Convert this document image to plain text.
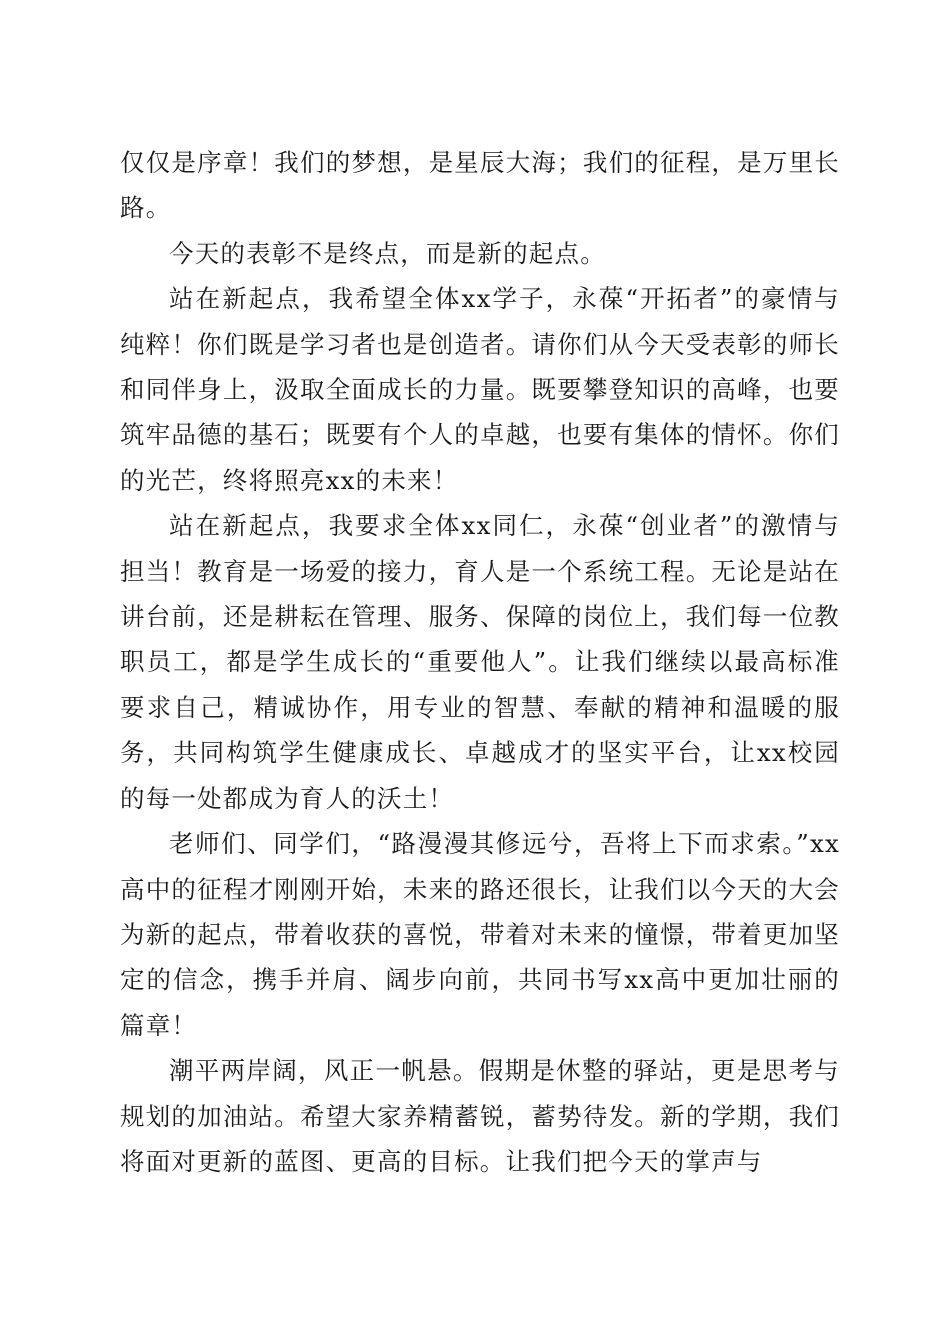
仅仅是序章！我们的梦想，是星辰大海；我们的征程，是万里长路。

今天的表彰不是终点，而是新的起点。

站在新起点，我希望全体xx学子，永葆“开拓者”的豪情与纯粹！你们既是学习者也是创造者。请你们从今天受表彰的师长和同伴身上，汲取全面成长的力量。既要攀登知识的高峰，也要筑牢品德的基石；既要有个人的卓越，也要有集体的情怀。你们的光芒，终将照亮xx的未来！

站在新起点，我要求全体xx同仁，永葆“创业者”的激情与担当！教育是一场爱的接力，育人是一个系统工程。无论是站在讲台前，还是耕耘在管理、服务、保障的岗位上，我们每一位教职员工，都是学生成长的“重要他人”。让我们继续以最高标准要求自己，精诚协作，用专业的智慧、奉献的精神和温暖的服务，共同构筑学生健康成长、卓越成才的坚实平台，让xx校园的每一处都成为育人的沃土！

老师们、同学们，“路漫漫其修远兮，吾将上下而求索。”xx高中的征程才刚刚开始，未来的路还很长，让我们以今天的大会为新的起点，带着收获的喜悦，带着对未来的憧憬，带着更加坚定的信念，携手并肩、阔步向前，共同书写xx高中更加壮丽的篇章！

潮平两岸阔，风正一帆悬。假期是休整的驿站，更是思考与规划的加油站。希望大家养精蓄锐，蓄势待发。新的学期，我们将面对更新的蓝图、更高的目标。让我们把今天的掌声与
